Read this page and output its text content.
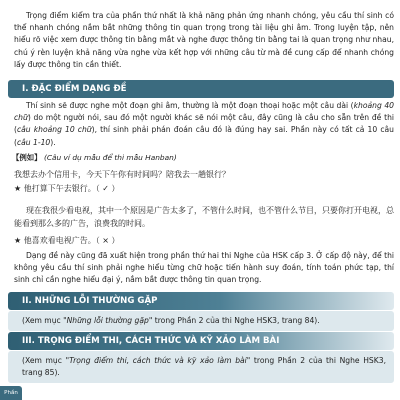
Trọng điểm kiểm tra của phần thứ nhất là khả năng phản ứng nhanh chóng, yêu cầu thí sinh có thể nhanh chóng nắm bắt những thông tin quan trọng trong tài liệu ghi âm. Trong luyện tập, nên hiểu rõ việc xem được thông tin bằng mắt và nghe được thông tin bằng tai là quan trọng như nhau, chú ý rèn luyện khả năng vừa nghe vừa kết hợp với những câu từ mà đề cung cấp để nhanh chóng lấy được thông tin cần thiết.

I. ĐẶC ĐIỂM DẠNG ĐỀ

Thí sinh sẽ được nghe một đoạn ghi âm, thường là một đoạn thoại hoặc một câu dài (khoảng 40 chữ) do một người nói, sau đó một người khác sẽ nói một câu, đây cũng là câu cho sẵn trên đề thi (câu khoảng 10 chữ), thí sinh phải phán đoán câu đó là đúng hay sai. Phần này có tất cả 10 câu (câu 1-10).

【例如】 (Câu ví dụ mẫu để thi mẫu Hanban)

我想去办个信用卡，今天下午你有时间吗？陪我去一趟银行？

★ 他打算下午去银行。（ ✓ ）

现在我很少看电视，其中一个原因是广告太多了，不管什么时间，也不管什么节目，只要你打开电视，总能看到那么多的广告，浪费我的时间。

★ 他喜欢看电视广告。（ × ）

Dạng đề này cũng đã xuất hiện trong phần thứ hai thi Nghe của HSK cấp 3. Ở cấp độ này, để thi không yêu cầu thí sinh phải nghe hiểu từng chữ hoặc tiến hành suy đoán, tính toán phức tạp, thí sinh chỉ cần nghe hiểu đại ý, nắm bắt được thông tin quan trọng.

II. NHỮNG LỖI THƯỜNG GẶP
(Xem mục "Những lỗi thường gặp" trong Phần 2 của thi Nghe HSK3, trang 84).
III. TRỌNG ĐIỂM THI, CÁCH THỨC VÀ KỸ XẢO LÀM BÀI
(Xem mục "Trọng điểm thi, cách thức và kỹ xảo làm bài" trong Phần 2 của thi Nghe HSK3, trang 85).
Phần
